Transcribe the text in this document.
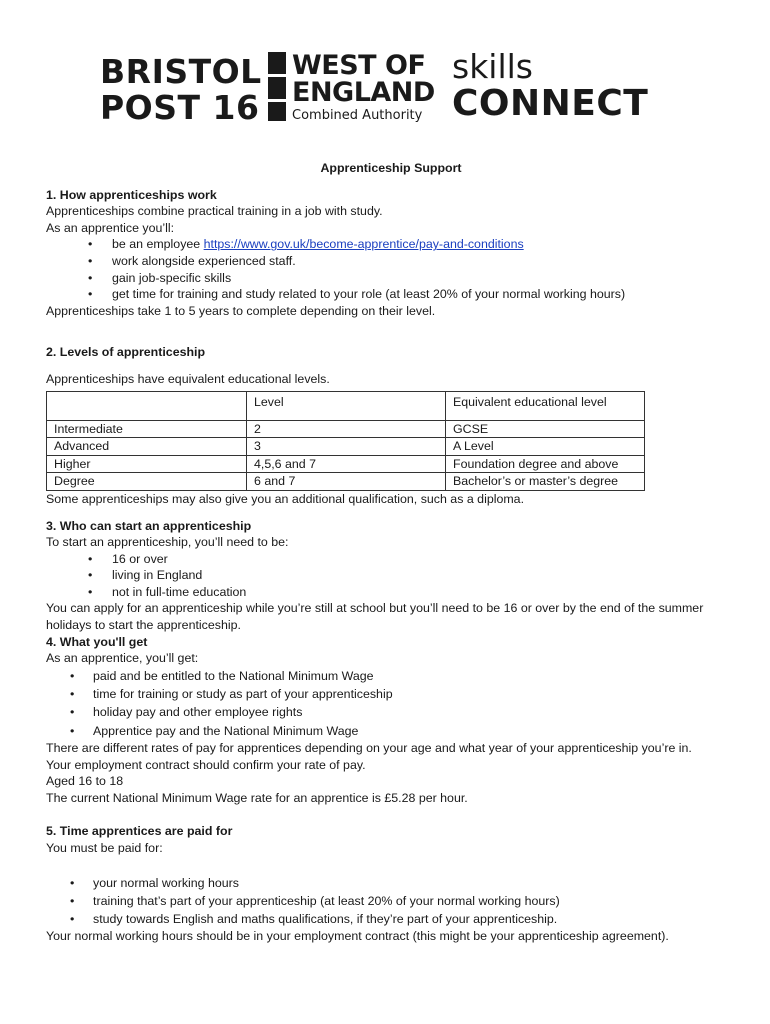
BRISTOL
POST 16
WEST OF
ENGLAND
Combined Authority
skills
CONNECT

Apprenticeship Support

1. How apprenticeships work

Apprenticeships combine practical training in a job with study.

As an apprentice you’ll:

• be an employee https://www.gov.uk/become-apprentice/pay-and-conditions
• work alongside experienced staff.
• gain job-specific skills
• get time for training and study related to your role (at least 20% of your normal working hours)

Apprenticeships take 1 to 5 years to complete depending on their level.

2. Levels of apprenticeship

Apprenticeships have equivalent educational levels.

	Level	Equivalent educational level
Intermediate	2	GCSE
Advanced	3	A Level
Higher	4,5,6 and 7	Foundation degree and above
Degree	6 and 7	Bachelor’s or master’s degree

Some apprenticeships may also give you an additional qualification, such as a diploma.

3. Who can start an apprenticeship

To start an apprenticeship, you’ll need to be:

• 16 or over
• living in England
• not in full-time education

You can apply for an apprenticeship while you’re still at school but you’ll need to be 16 or over by the end of the summer holidays to start the apprenticeship.

4. What you'll get

As an apprentice, you’ll get:

• paid and be entitled to the National Minimum Wage
• time for training or study as part of your apprenticeship
• holiday pay and other employee rights
• Apprentice pay and the National Minimum Wage

There are different rates of pay for apprentices depending on your age and what year of your apprenticeship you’re in.

Your employment contract should confirm your rate of pay.

Aged 16 to 18

The current National Minimum Wage rate for an apprentice is £5.28 per hour.

5. Time apprentices are paid for

You must be paid for:

• your normal working hours
• training that’s part of your apprenticeship (at least 20% of your normal working hours)
• study towards English and maths qualifications, if they’re part of your apprenticeship.

Your normal working hours should be in your employment contract (this might be your apprenticeship agreement).
